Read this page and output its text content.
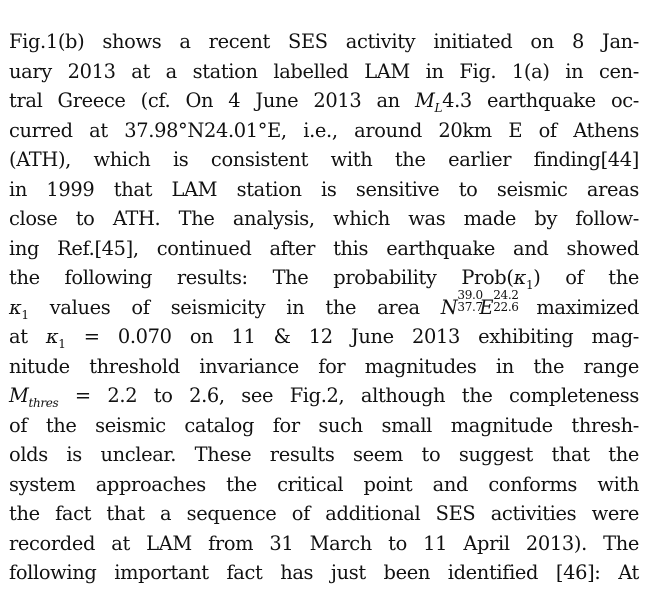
Fig.1(b) shows a recent SES activity initiated on 8 Jan-
uary 2013 at a station labelled LAM in Fig. 1(a) in cen-
tral Greece (cf. On 4 June 2013 an $M_L4.3$ earthquake oc-
curred at 37.98°N24.01°E, i.e., around 20km E of Athens
(ATH), which is consistent with the earlier finding[44]
in 1999 that LAM station is sensitive to seismic areas
close to ATH. The analysis, which was made by follow-
ing Ref.[45], continued after this earthquake and showed
the following results: The probability $Prob(\kappa_1)$ of the
$\kappa_1$ values of seismicity in the area N
39.0
37.7
E
24.2
22.6
maximized
at $\kappa_1 = 0.070$ on 11 & 12 June 2013 exhibiting mag-
nitude threshold invariance for magnitudes in the range
$M_{thres} = 2.2$ to 2.6, see Fig.2, although the completeness
of the seismic catalog for such small magnitude thresh-
olds is unclear. These results seem to suggest that the
system approaches the critical point and conforms with
the fact that a sequence of additional SES activities were
recorded at LAM from 31 March to 11 April 2013). The
following important fact has just been identified [46]: At
